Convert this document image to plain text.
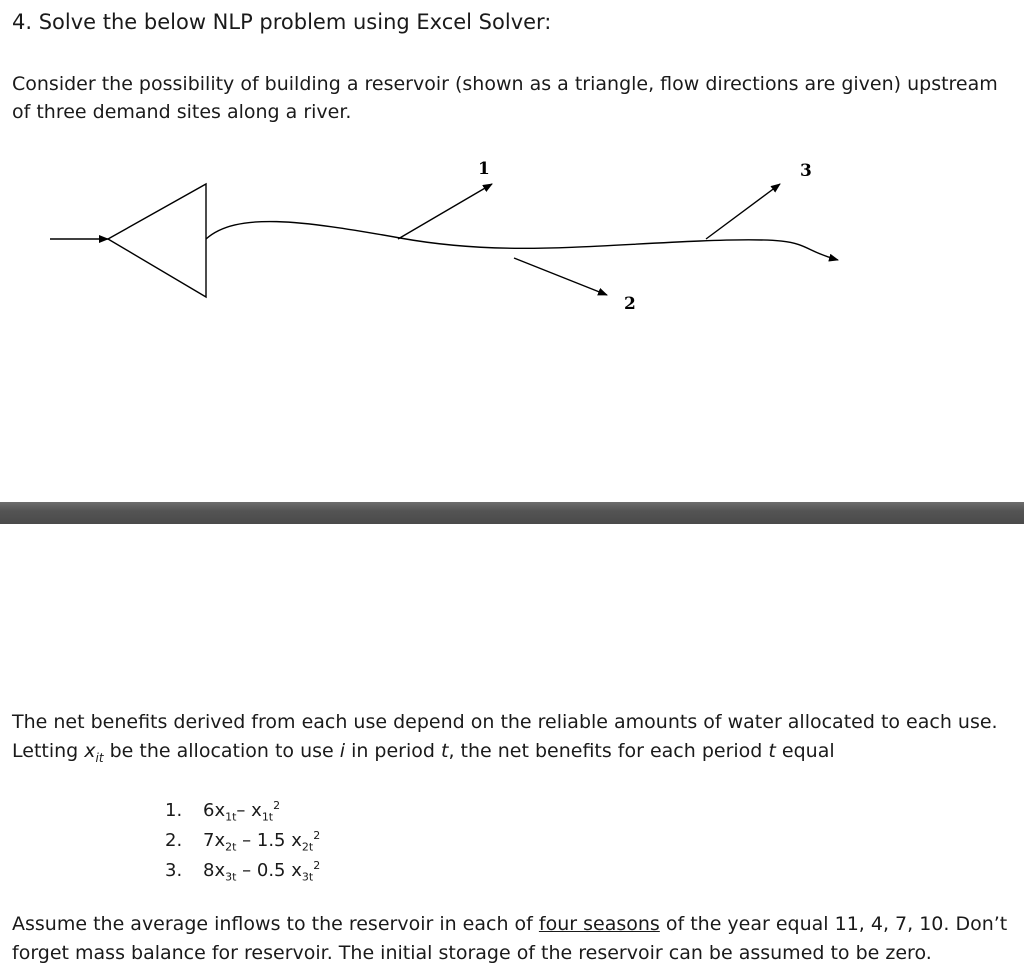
4. Solve the below NLP problem using Excel Solver:
Consider the possibility of building a reservoir (shown as a triangle, flow directions are given) upstream of three demand sites along a river.
1
2
3
The net benefits derived from each use depend on the reliable amounts of water allocated to each use.
Letting $x_{it}$ be the allocation to use i in period t, the net benefits for each period t equal
1. $6x_{1t}-$ $x_{1t}^2$
2. $7x_{2t} - 1.5$ $x_{2t}^2$
3. $8x_{3t} - 0.5$ $x_{3t}^2$
Assume the average inflows to the reservoir in each of four seasons of the year equal 11, 4, 7, 10. Don’t forget mass balance for reservoir. The initial storage of the reservoir can be assumed to be zero.
